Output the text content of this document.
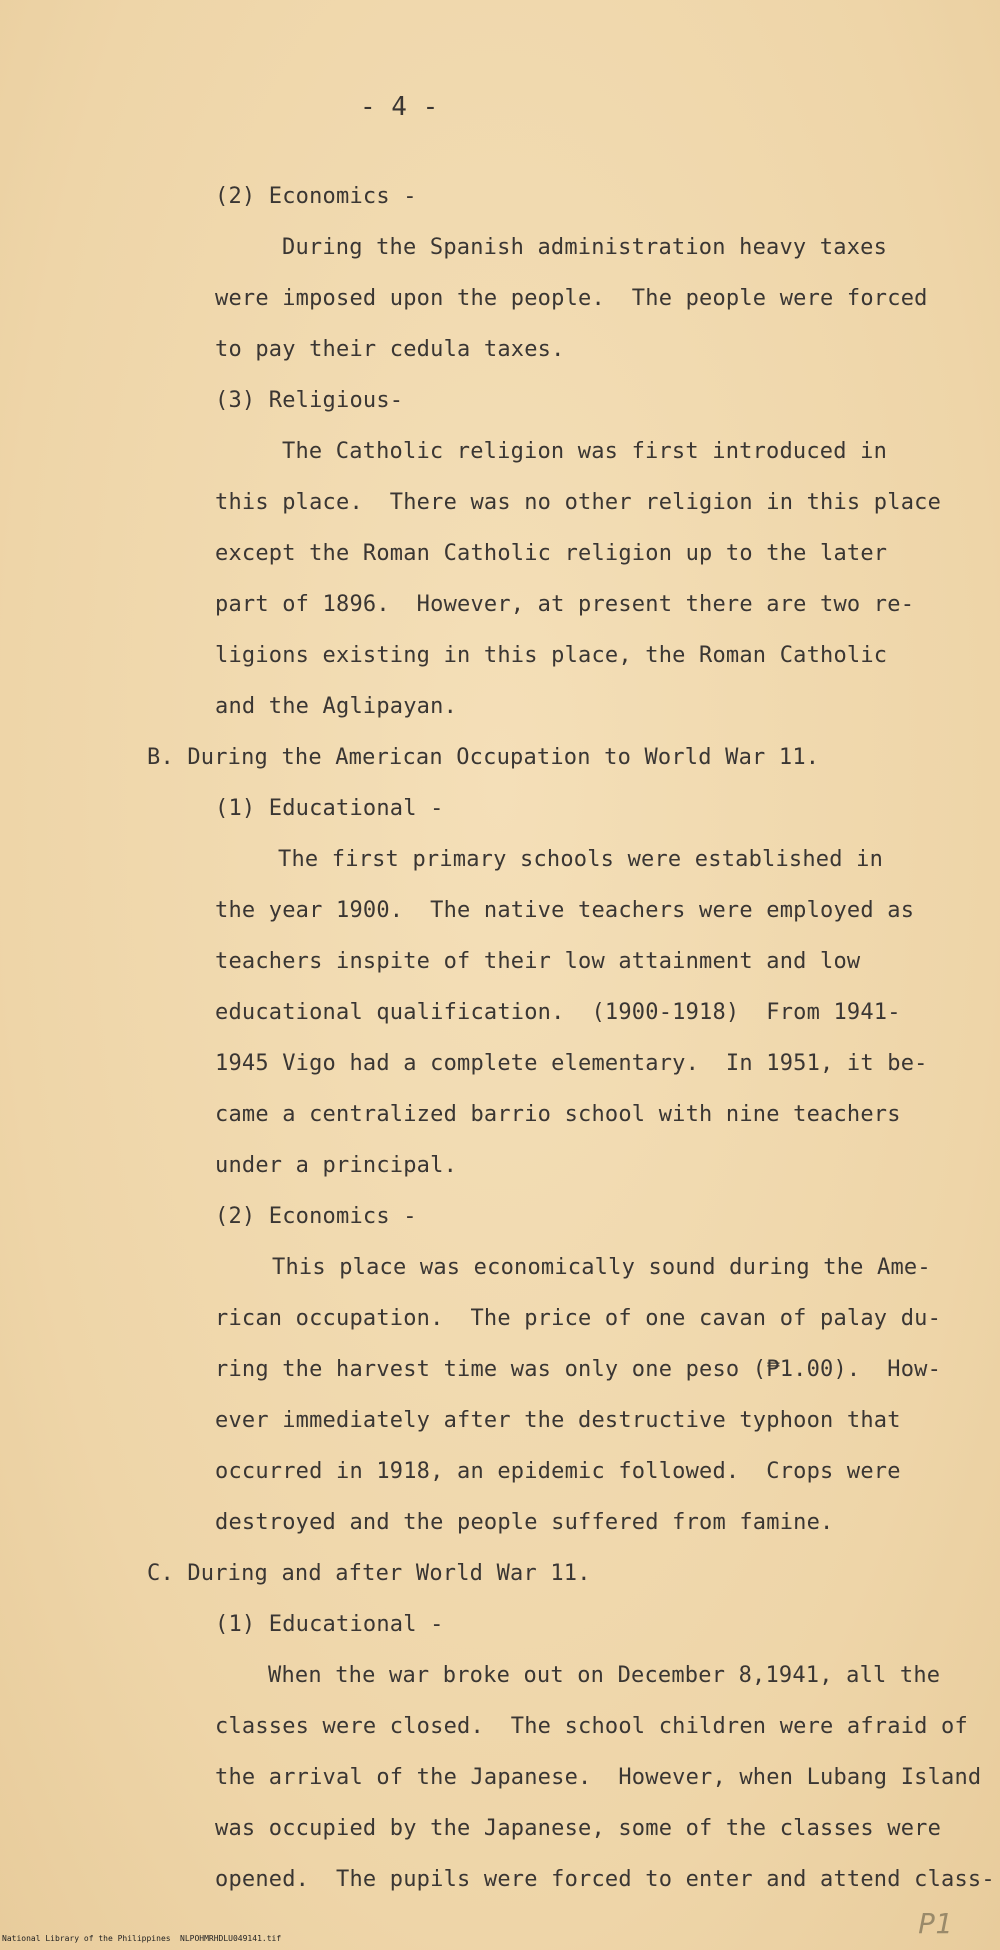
- 4 -
(2) Economics -
During the Spanish administration heavy taxes
were imposed upon the people.  The people were forced
to pay their cedula taxes.
(3) Religious-
The Catholic religion was first introduced in
this place.  There was no other religion in this place
except the Roman Catholic religion up to the later
part of 1896.  However, at present there are two re-
ligions existing in this place, the Roman Catholic
and the Aglipayan.
B. During the American Occupation to World War 11.
(1) Educational -
The first primary schools were established in
the year 1900.  The native teachers were employed as
teachers inspite of their low attainment and low
educational qualification.  (1900-1918)  From 1941-
1945 Vigo had a complete elementary.  In 1951, it be-
came a centralized barrio school with nine teachers
under a principal.
(2) Economics -
This place was economically sound during the Ame-
rican occupation.  The price of one cavan of palay du-
ring the harvest time was only one peso (₱1.00).  How-
ever immediately after the destructive typhoon that
occurred in 1918, an epidemic followed.  Crops were
destroyed and the people suffered from famine.
C. During and after World War 11.
(1) Educational -
When the war broke out on December 8,1941, all the
classes were closed.  The school children were afraid of
the arrival of the Japanese.  However, when Lubang Island
was occupied by the Japanese, some of the classes were
opened.  The pupils were forced to enter and attend class-
National Library of the Philippines NLPOHMRHDLU049141.tif	P1
